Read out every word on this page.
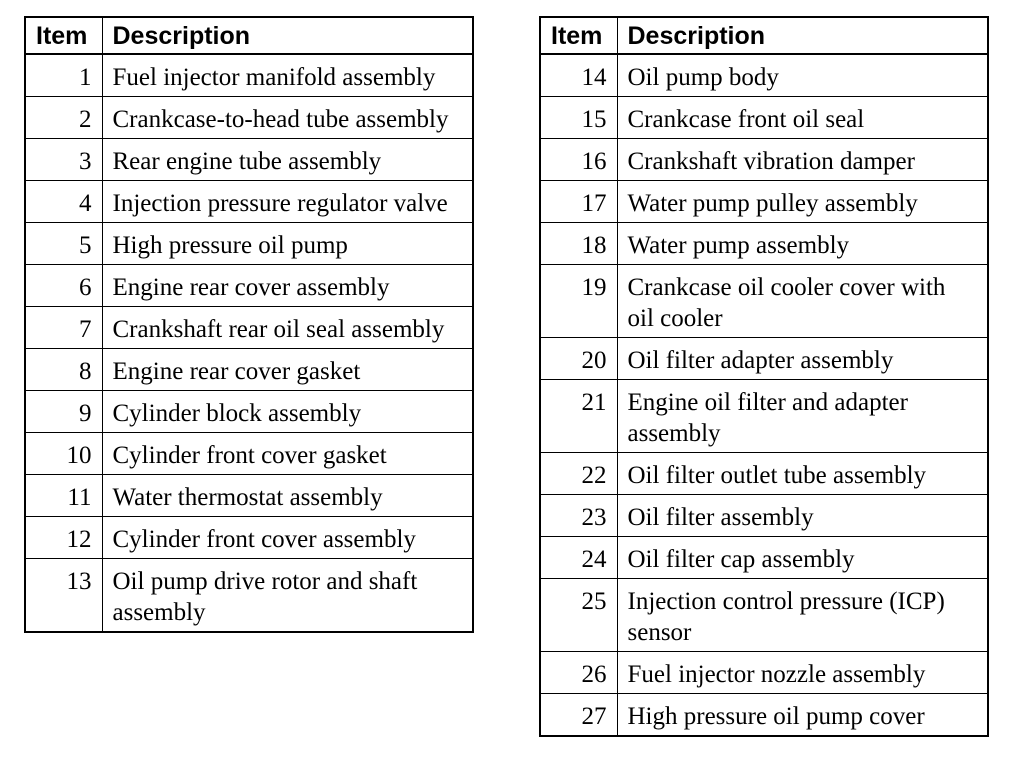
Item	Description
1	Fuel injector manifold assembly
2	Crankcase-to-head tube assembly
3	Rear engine tube assembly
4	Injection pressure regulator valve
5	High pressure oil pump
6	Engine rear cover assembly
7	Crankshaft rear oil seal assembly
8	Engine rear cover gasket
9	Cylinder block assembly
10	Cylinder front cover gasket
11	Water thermostat assembly
12	Cylinder front cover assembly
13	Oil pump drive rotor and shaft assembly
Item	Description
14	Oil pump body
15	Crankcase front oil seal
16	Crankshaft vibration damper
17	Water pump pulley assembly
18	Water pump assembly
19	Crankcase oil cooler cover with oil cooler
20	Oil filter adapter assembly
21	Engine oil filter and adapter assembly
22	Oil filter outlet tube assembly
23	Oil filter assembly
24	Oil filter cap assembly
25	Injection control pressure (ICP) sensor
26	Fuel injector nozzle assembly
27	High pressure oil pump cover
